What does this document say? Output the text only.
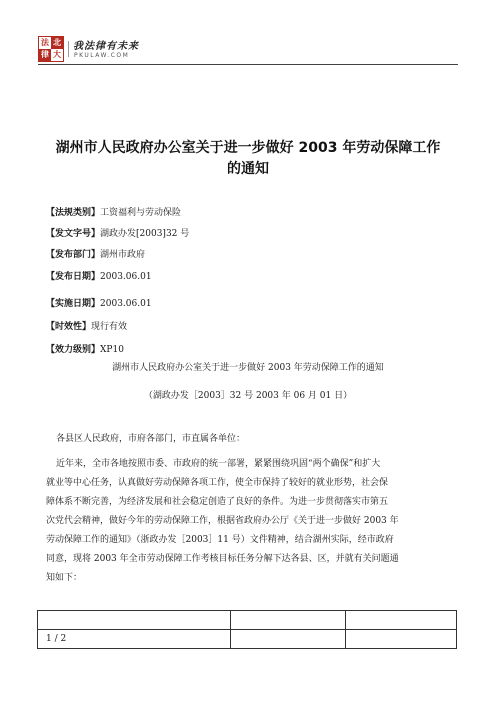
法 北
律 大
我法律有未来
PKULAW.COM
湖州市人民政府办公室关于进一步做好 2003 年劳动保障工作
的通知
【法规类别】工资福利与劳动保险
【发文字号】湖政办发[2003]32 号
【发布部门】湖州市政府
【发布日期】2003.06.01
【实施日期】2003.06.01
【时效性】现行有效
【效力级别】XP10
湖州市人民政府办公室关于进一步做好 2003 年劳动保障工作的通知
（湖政办发［2003］32 号 2003 年 06 月 01 日）
各县区人民政府，市府各部门，市直属各单位：
近年来，全市各地按照市委、市政府的统一部署，紧紧围绕巩固“两个确保”和扩大
就业等中心任务，认真做好劳动保障各项工作，使全市保持了较好的就业形势，社会保
障体系不断完善，为经济发展和社会稳定创造了良好的条件。为进一步贯彻落实市第五
次党代会精神，做好今年的劳动保障工作，根据省政府办公厅《关于进一步做好 2003 年
劳动保障工作的通知》（浙政办发［2003］11 号）文件精神，结合湖州实际，经市政府
同意，现将 2003 年全市劳动保障工作考核目标任务分解下达各县、区，并就有关问题通
知如下：

1 / 2		
